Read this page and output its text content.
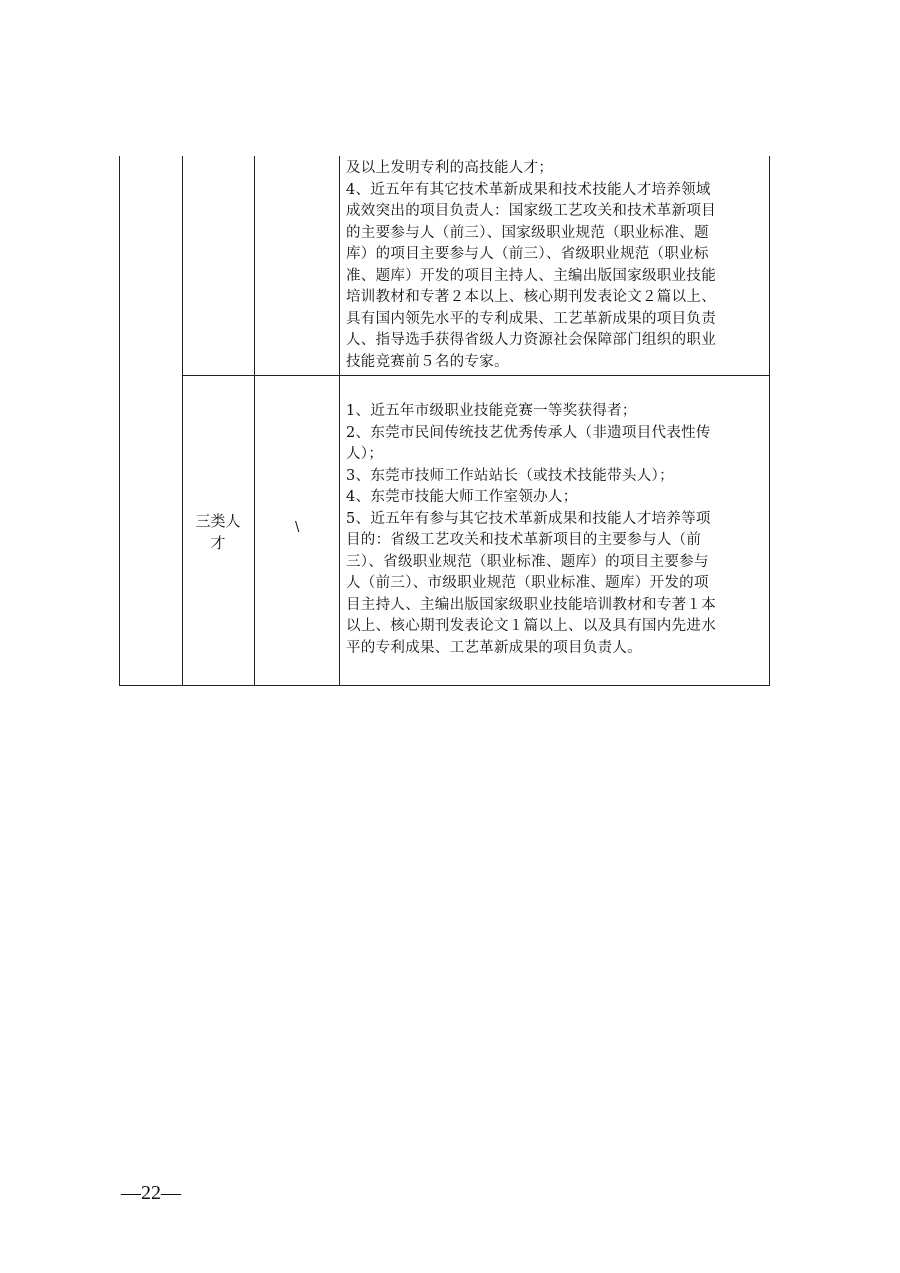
及以上发明专利的高技能人才；
4、近五年有其它技术革新成果和技术技能人才培养领域
成效突出的项目负责人：国家级工艺攻关和技术革新项目
的主要参与人（前三）、国家级职业规范（职业标准、题
库）的项目主要参与人（前三）、省级职业规范（职业标
准、题库）开发的项目主持人、主编出版国家级职业技能
培训教材和专著２本以上、核心期刊发表论文２篇以上、
具有国内领先水平的专利成果、工艺革新成果的项目负责
人、指导选手获得省级人力资源社会保障部门组织的职业
技能竞赛前５名的专家。
三类人
才
\
1、近五年市级职业技能竞赛一等奖获得者；
2、东莞市民间传统技艺优秀传承人（非遗项目代表性传
人）；
3、东莞市技师工作站站长（或技术技能带头人）；
4、东莞市技能大师工作室领办人；
5、近五年有参与其它技术革新成果和技能人才培养等项
目的：省级工艺攻关和技术革新项目的主要参与人（前
三）、省级职业规范（职业标准、题库）的项目主要参与
人（前三）、市级职业规范（职业标准、题库）开发的项
目主持人、主编出版国家级职业技能培训教材和专著１本
以上、核心期刊发表论文１篇以上、以及具有国内先进水
平的专利成果、工艺革新成果的项目负责人。
—22—
